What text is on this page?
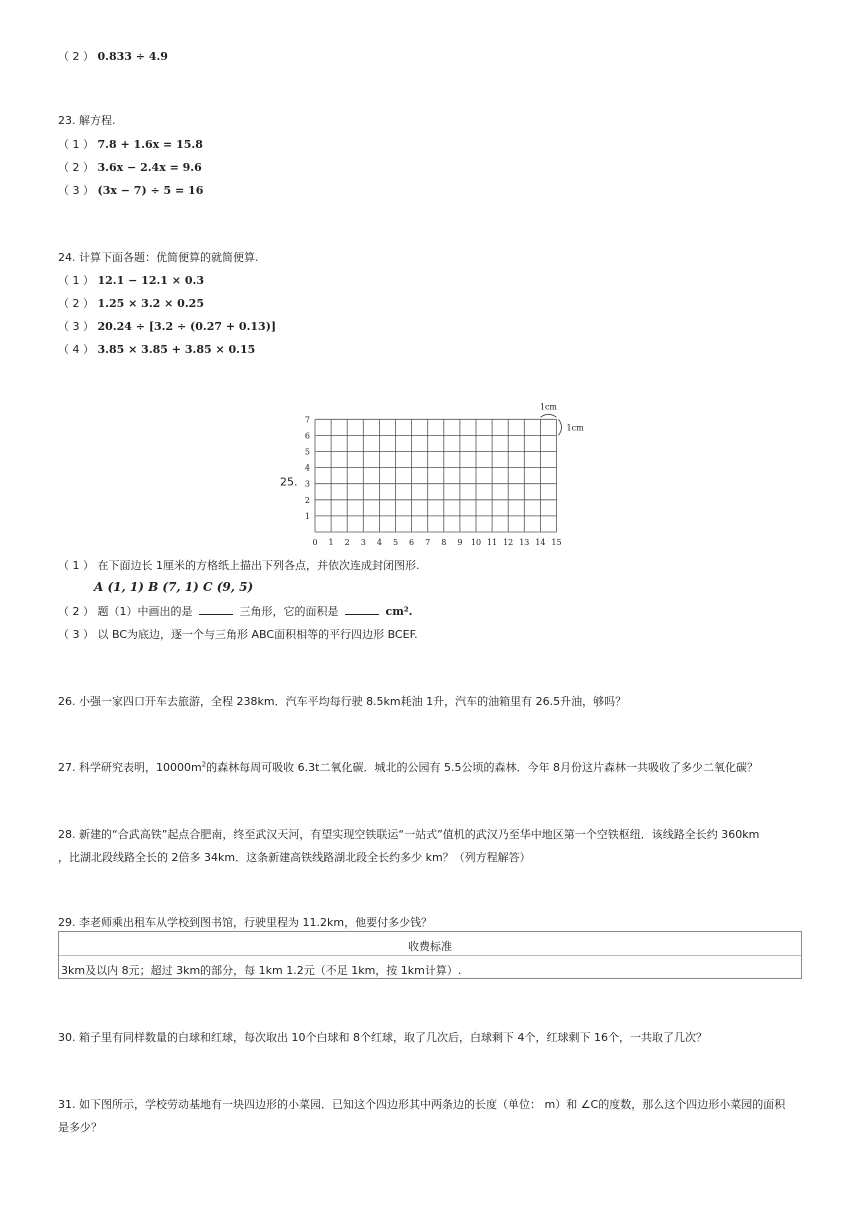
（ 2 ） 0.833 ÷ 4.9
23. 解方程.
（ 1 ） 7.8 + 1.6x = 15.8
（ 2 ） 3.6x − 2.4x = 9.6
（ 3 ） (3x − 7) ÷ 5 = 16
24. 计算下面各题：优简便算的就简便算.
（ 1 ） 12.1 − 12.1 × 0.3
（ 2 ） 1.25 × 3.2 × 0.25
（ 3 ） 20.24 ÷ [3.2 ÷ (0.27 + 0.13)]
（ 4 ） 3.85 × 3.85 + 3.85 × 0.15
25.
0 1 2 3 4 5 6 7 8 9 10 11 12 13 14 15
1
2
3
4
5
6
7
1cm
1cm
（ 1 ） 在下面边长 1厘米的方格纸上描出下列各点，并依次连成封闭图形.
A (1, 1) B (7, 1) C (9, 5)
（ 2 ） 题（1）中画出的是	三角形，它的面积是	cm².
（ 3 ） 以 BC为底边，逐一个与三角形 ABC面积相等的平行四边形 BCEF.
26. 小强一家四口开车去旅游，全程 238km．汽车平均每行驶 8.5km耗油 1升，汽车的油箱里有 26.5升油，够吗？
27. 科学研究表明，$10000m^2$的森林每周可吸收 6.3t二氧化碳．城北的公园有 5.5公顷的森林．今年 8月份这片森林一共吸收了多少二氧化碳？
28. 新建的“合武高铁”起点合肥南，终至武汉天河，有望实现空铁联运“一站式”值机的武汉乃至华中地区第一个空铁枢纽．该线路全长约 360km
，比湖北段线路全长的 2倍多 34km．这条新建高铁线路湖北段全长约多少 km？（列方程解答）
29. 李老师乘出租车从学校到图书馆，行驶里程为 11.2km，他要付多少钱？
收费标准
3km及以内 8元；超过 3km的部分，每 1km 1.2元（不足 1km，按 1km计算）.
30. 箱子里有同样数量的白球和红球，每次取出 10个白球和 8个红球，取了几次后，白球剩下 4个，红球剩下 16个，一共取了几次？
31. 如下图所示，学校劳动基地有一块四边形的小菜园．已知这个四边形其中两条边的长度（单位： m）和 ∠C的度数，那么这个四边形小菜园的面积
是多少？
